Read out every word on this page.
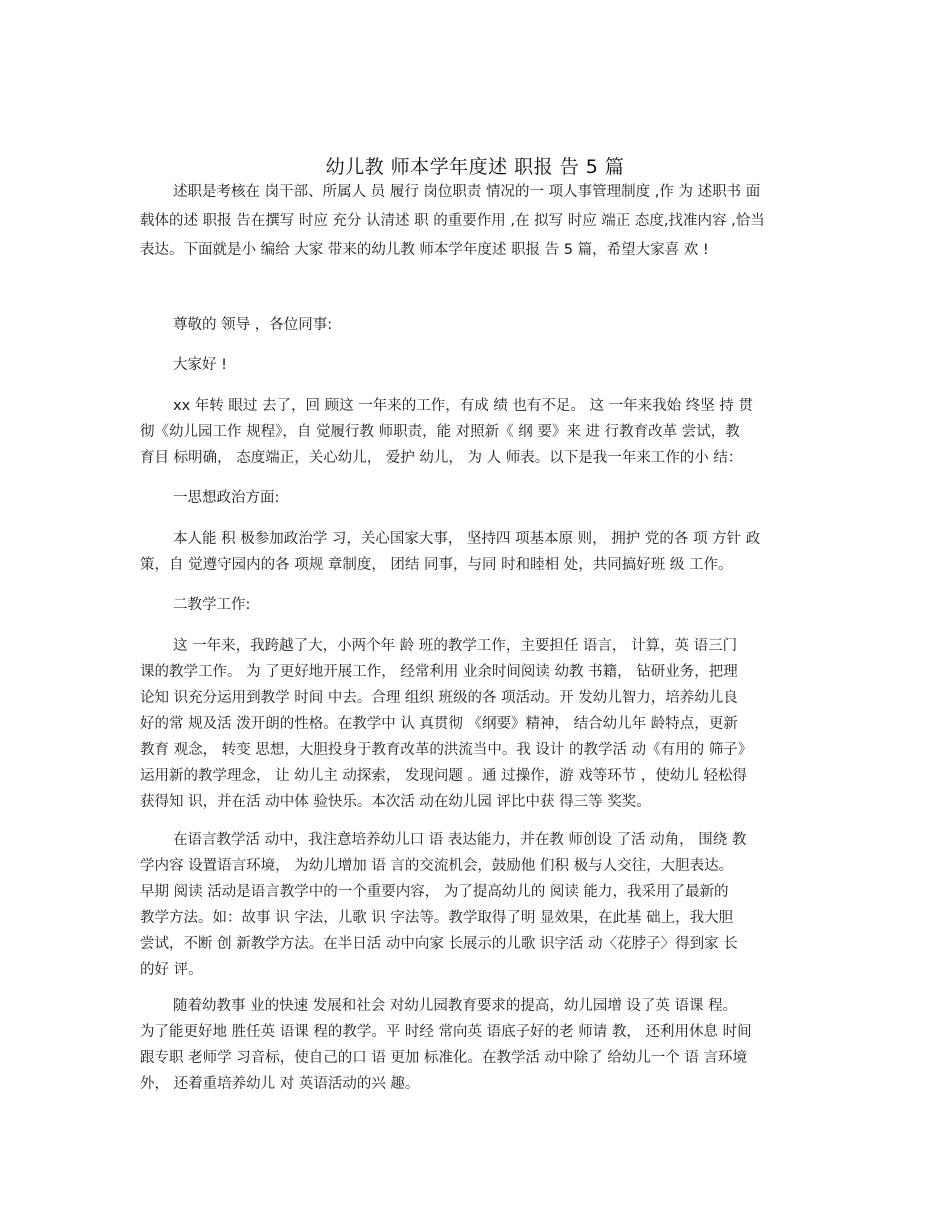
幼儿教 师本学年度述 职报 告 5 篇
述职是考核在 岗干部、所属人 员 履行 岗位职责 情况的一 项人事管理制度 ,作 为 述职书 面
载体的述 职报 告在撰写 时应 充分 认清述 职 的重要作用 ,在 拟写 时应 端正 态度,找准内容 ,恰当
表达。下面就是小 编给 大家 带来的幼儿教 师本学年度述 职报 告 5 篇，希望大家喜 欢 !
尊敬的 领导 ，各位同事:
大家好 !
xx 年转 眼过 去了，回 顾这 一年来的工作，有成 绩 也有不足。 这 一年来我始 终坚 持 贯
彻《幼儿园工作 规程》，自 觉履行教 师职责，能 对照新《 纲 要》来 进 行教育改革 尝试，教
育目 标明确， 态度端正，关心幼儿， 爱护 幼儿， 为 人 师表。以下是我一年来工作的小 结：
一思想政治方面:
本人能 积 极参加政治学 习，关心国家大事， 坚持四 项基本原 则， 拥护 党的各 项 方针 政
策，自 觉遵守园内的各 项规 章制度， 团结 同事，与同 时和睦相 处，共同搞好班 级 工作。
二教学工作:
这 一年来，我跨越了大，小两个年 龄 班的教学工作，主要担任 语言， 计算，英 语三门
课的教学工作。 为 了更好地开展工作， 经常利用 业余时间阅读 幼教 书籍， 钻研业务，把理
论知 识充分运用到教学 时间 中去。合理 组织 班级的各 项活动。开 发幼儿智力，培养幼儿良
好的常 规及活 泼开朗的性格。在教学中 认 真贯彻 《纲要》精神， 结合幼儿年 龄特点，更新
教育 观念， 转变 思想，大胆投身于教育改革的洪流当中。我 设计 的教学活 动《有用的 筛子》
运用新的教学理念， 让 幼儿主 动探索， 发现问题 。通 过操作，游 戏等环节 ，使幼儿 轻松得
获得知 识，并在活 动中体 验快乐。本次活 动在幼儿园 评比中获 得三等 奖奖。
在语言教学活 动中，我注意培养幼儿口 语 表达能力，并在教 师创设 了活 动角， 围绕 教
学内容 设置语言环境， 为幼儿增加 语 言的交流机会，鼓励他 们积 极与人交往，大胆表达。
早期 阅读 活动是语言教学中的一个重要内容， 为了提高幼儿的 阅读 能力，我采用了最新的
教学方法。如：故事 识 字法，儿歌 识 字法等。教学取得了明 显效果，在此基 础上，我大胆
尝试，不断 创 新教学方法。在半日活 动中向家 长展示的儿歌 识字活 动〈花脖子〉得到家 长
的好 评。
随着幼教事 业的快速 发展和社会 对幼儿园教育要求的提高，幼儿园增 设了英 语课 程。
为了能更好地 胜任英 语课 程的教学。平 时经 常向英 语底子好的老 师请 教， 还利用休息 时间
跟专职 老师学 习音标，使自己的口 语 更加 标准化。在教学活 动中除了 给幼儿一个 语 言环境
外， 还着重培养幼儿 对 英语活动的兴 趣。
